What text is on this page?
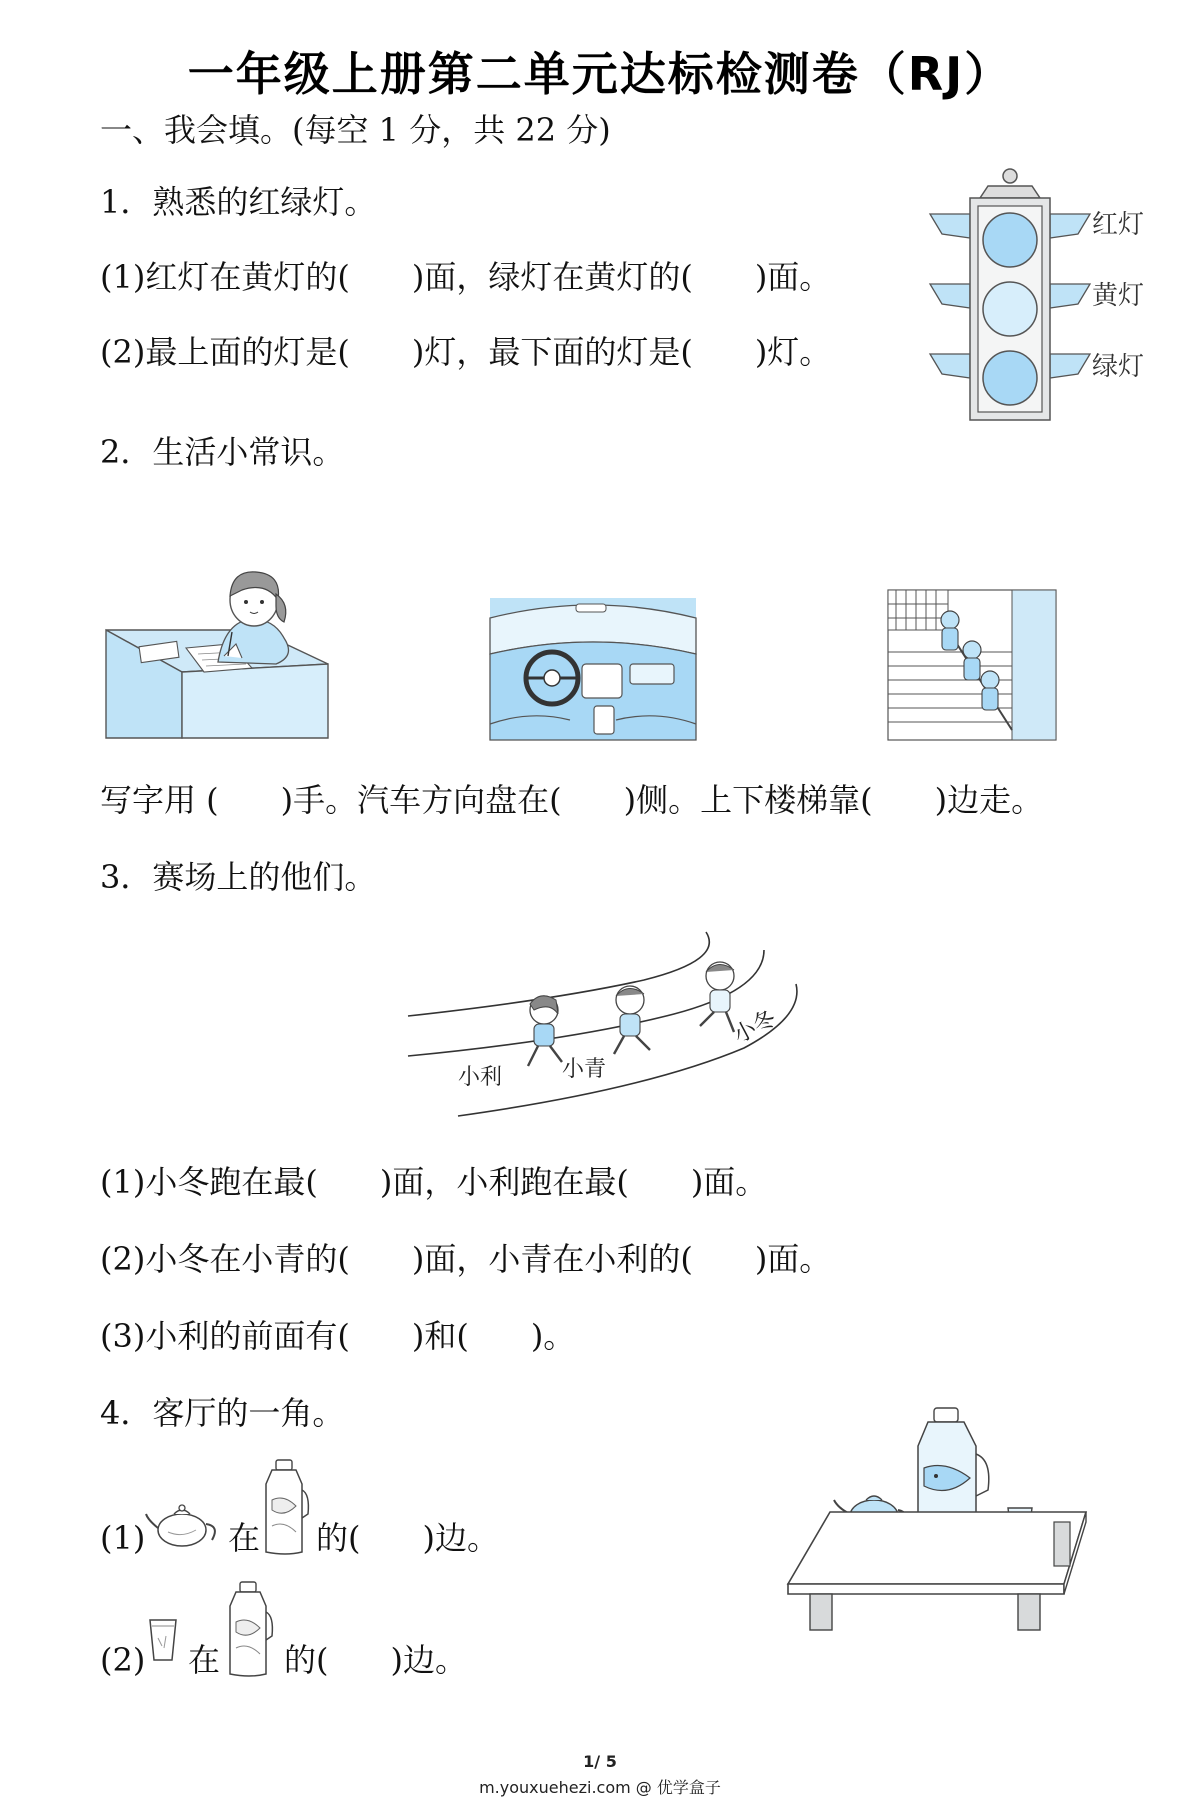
一年级上册第二单元达标检测卷（RJ）
一、我会填。(每空 1 分，共 22 分)
1．熟悉的红绿灯。
(1)红灯在黄灯的( )面，绿灯在黄灯的( )面。
(2)最上面的灯是( )灯，最下面的灯是( )灯。
红灯
黄灯
绿灯
2．生活小常识。
写字用 ( )手。汽车方向盘在( )侧。上下楼梯靠( )边走。
3．赛场上的他们。
小利	小青
小冬
(1)小冬跑在最( )面，小利跑在最( )面。
(2)小冬在小青的( )面，小青在小利的( )面。
(3)小利的前面有( )和( )。
4．客厅的一角。
(1)	在 的( )边。
(2) 在 的( )边。
1/ 5
m.youxuehezi.com @ 优学盒子
